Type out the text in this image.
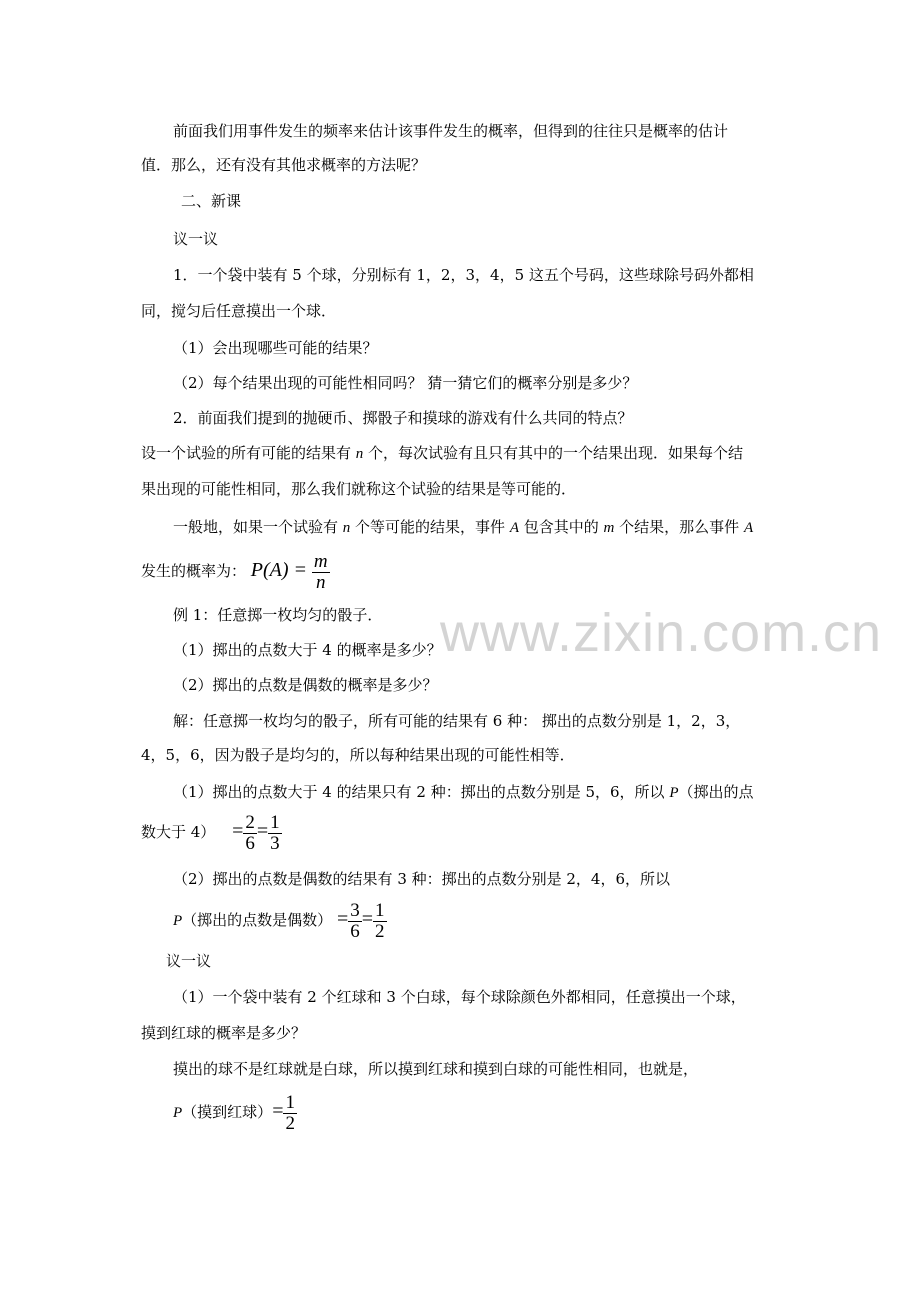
前面我们用事件发生的频率来估计该事件发生的概率，但得到的往往只是概率的估计
值．那么，还有没有其他求概率的方法呢？
二、新课
议一议
1．一个袋中装有 5 个球，分别标有 1，2，3，4，5 这五个号码，这些球除号码外都相
同，搅匀后任意摸出一个球．
（1）会出现哪些可能的结果？
（2）每个结果出现的可能性相同吗？ 猜一猜它们的概率分别是多少？
2．前面我们提到的抛硬币、掷骰子和摸球的游戏有什么共同的特点？
设一个试验的所有可能的结果有 n 个，每次试验有且只有其中的一个结果出现．如果每个结
果出现的可能性相同，那么我们就称这个试验的结果是等可能的．
一般地，如果一个试验有 n 个等可能的结果，事件 A 包含其中的 m 个结果，那么事件 A
发生的概率为： $P(A) = \frac{m}{n}$
例 1：任意掷一枚均匀的骰子．
（1）掷出的点数大于 4 的概率是多少？
（2）掷出的点数是偶数的概率是多少？
解：任意掷一枚均匀的骰子，所有可能的结果有 6 种： 掷出的点数分别是 1，2，3，
4，5，6，因为骰子是均匀的，所以每种结果出现的可能性相等．
（1）掷出的点数大于 4 的结果只有 2 种：掷出的点数分别是 5，6，所以 P（掷出的点
数大于 $4) = \frac{2}{6} = \frac{1}{3}$
（2）掷出的点数是偶数的结果有 3 种：掷出的点数分别是 2，4，6，所以
P（掷出的点数是偶数） = $\frac{3}{6} = \frac{1}{2}$
议一议
（1）一个袋中装有 2 个红球和 3 个白球，每个球除颜色外都相同，任意摸出一个球，
摸到红球的概率是多少？
摸出的球不是红球就是白球，所以摸到红球和摸到白球的可能性相同，也就是，
P（摸到红球）= $\frac{1}{2}$
www.zixin.com.cn
